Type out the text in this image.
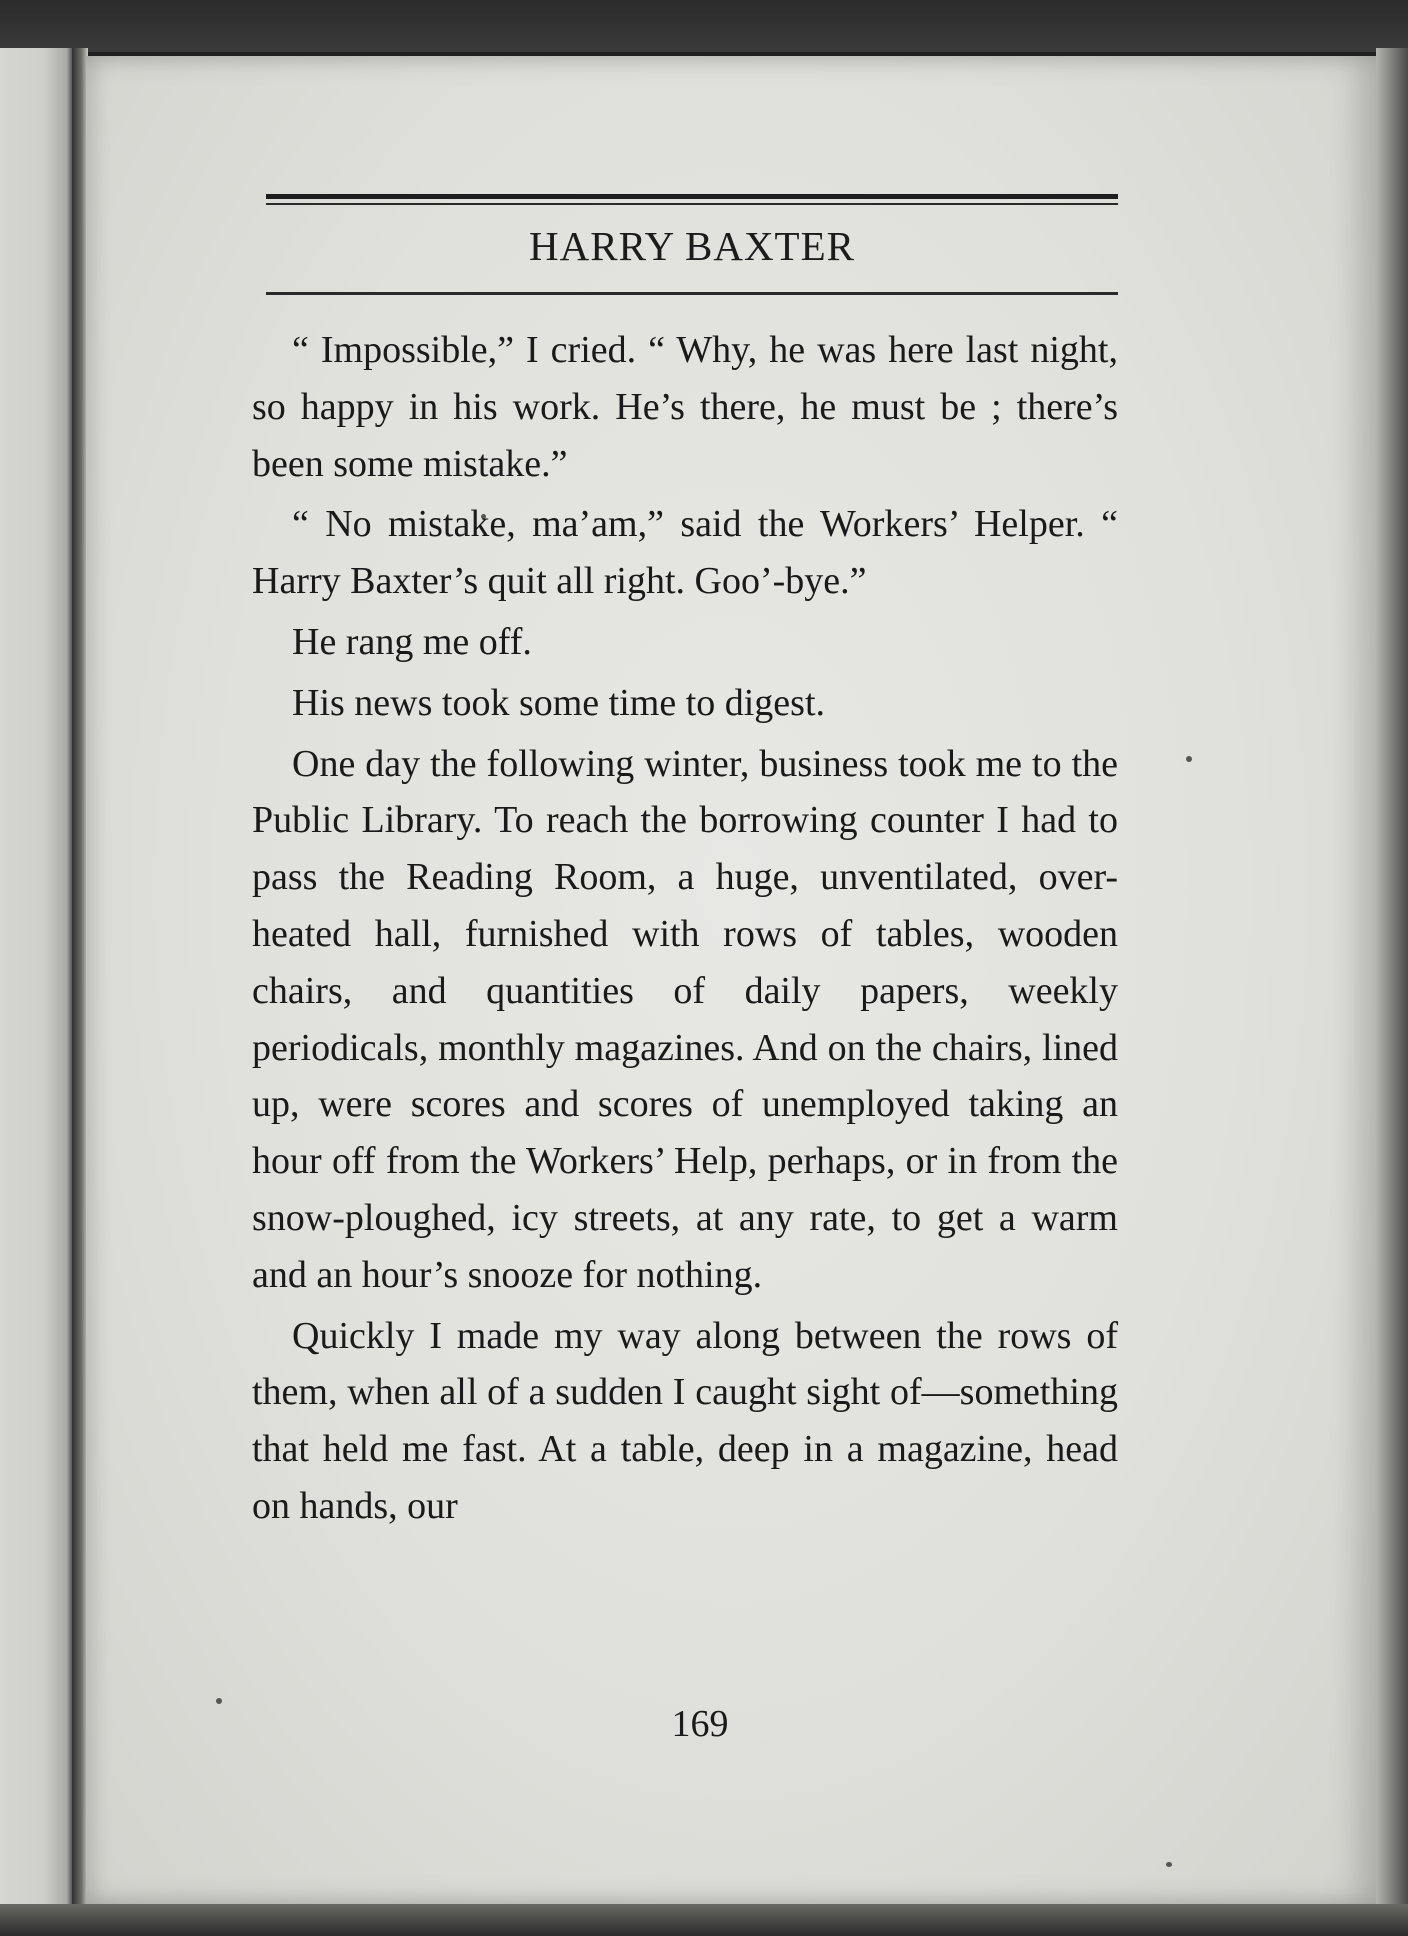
HARRY BAXTER

“ Impossible,” I cried. “ Why, he was here last night, so happy in his work. He’s there, he must be ; there’s been some mistake.”

“ No mistake, ma’am,” said the Workers’ Helper. “ Harry Baxter’s quit all right. Goo’-bye.”

He rang me off.

His news took some time to digest.

One day the following winter, business took me to the Public Library. To reach the borrowing counter I had to pass the Reading Room, a huge, unventilated, over-heated hall, furnished with rows of tables, wooden chairs, and quantities of daily papers, weekly periodicals, monthly magazines. And on the chairs, lined up, were scores and scores of unemployed taking an hour off from the Workers’ Help, perhaps, or in from the snow-ploughed, icy streets, at any rate, to get a warm and an hour’s snooze for nothing.

Quickly I made my way along between the rows of them, when all of a sudden I caught sight of—something that held me fast. At a table, deep in a magazine, head on hands, our

169
